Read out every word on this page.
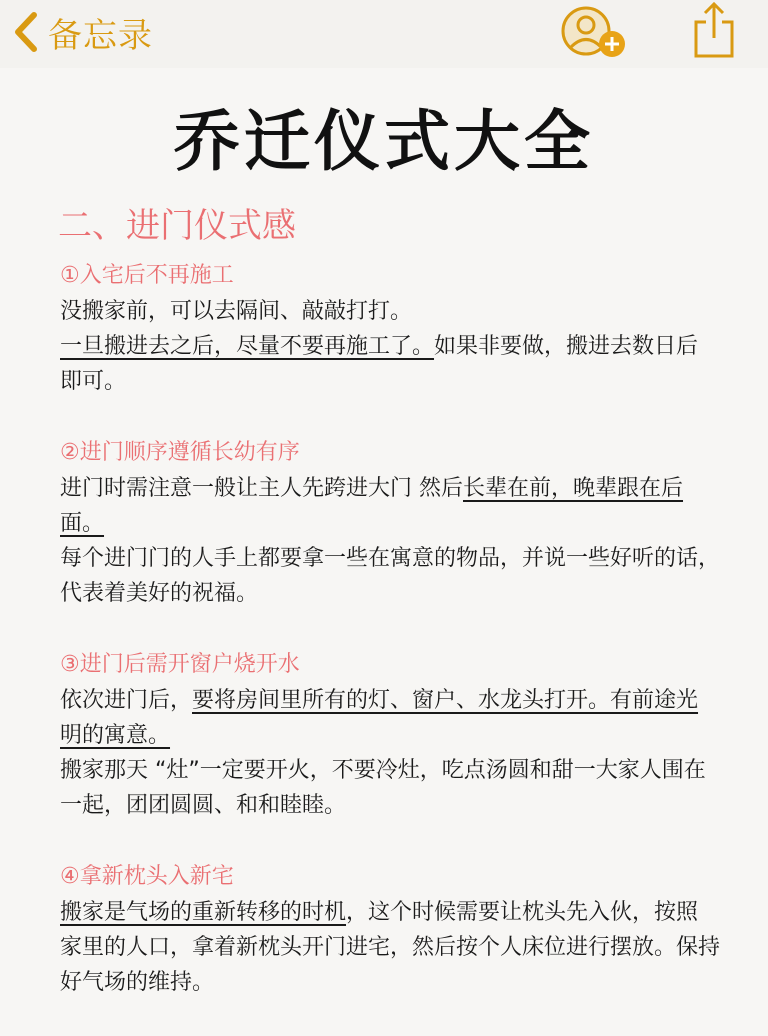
备忘录
乔迁仪式大全
二、进门仪式感
①入宅后不再施工
没搬家前，可以去隔间、敲敲打打。
一旦搬进去之后，尽量不要再施工了。如果非要做，搬进去数日后即可。
②进门顺序遵循长幼有序
进门时需注意一般让主人先跨进大门 然后长辈在前，晚辈跟在后面。
每个进门门的人手上都要拿一些在寓意的物品，并说一些好听的话，代表着美好的祝福。
③进门后需开窗户烧开水
依次进门后，要将房间里所有的灯、窗户、水龙头打开。有前途光明的寓意。
搬家那天 “灶”一定要开火，不要冷灶，吃点汤圆和甜一大家人围在一起，团团圆圆、和和睦睦。
④拿新枕头入新宅
搬家是气场的重新转移的时机，这个时候需要让枕头先入伙，按照家里的人口，拿着新枕头开门进宅，然后按个人床位进行摆放。保持好气场的维持。
